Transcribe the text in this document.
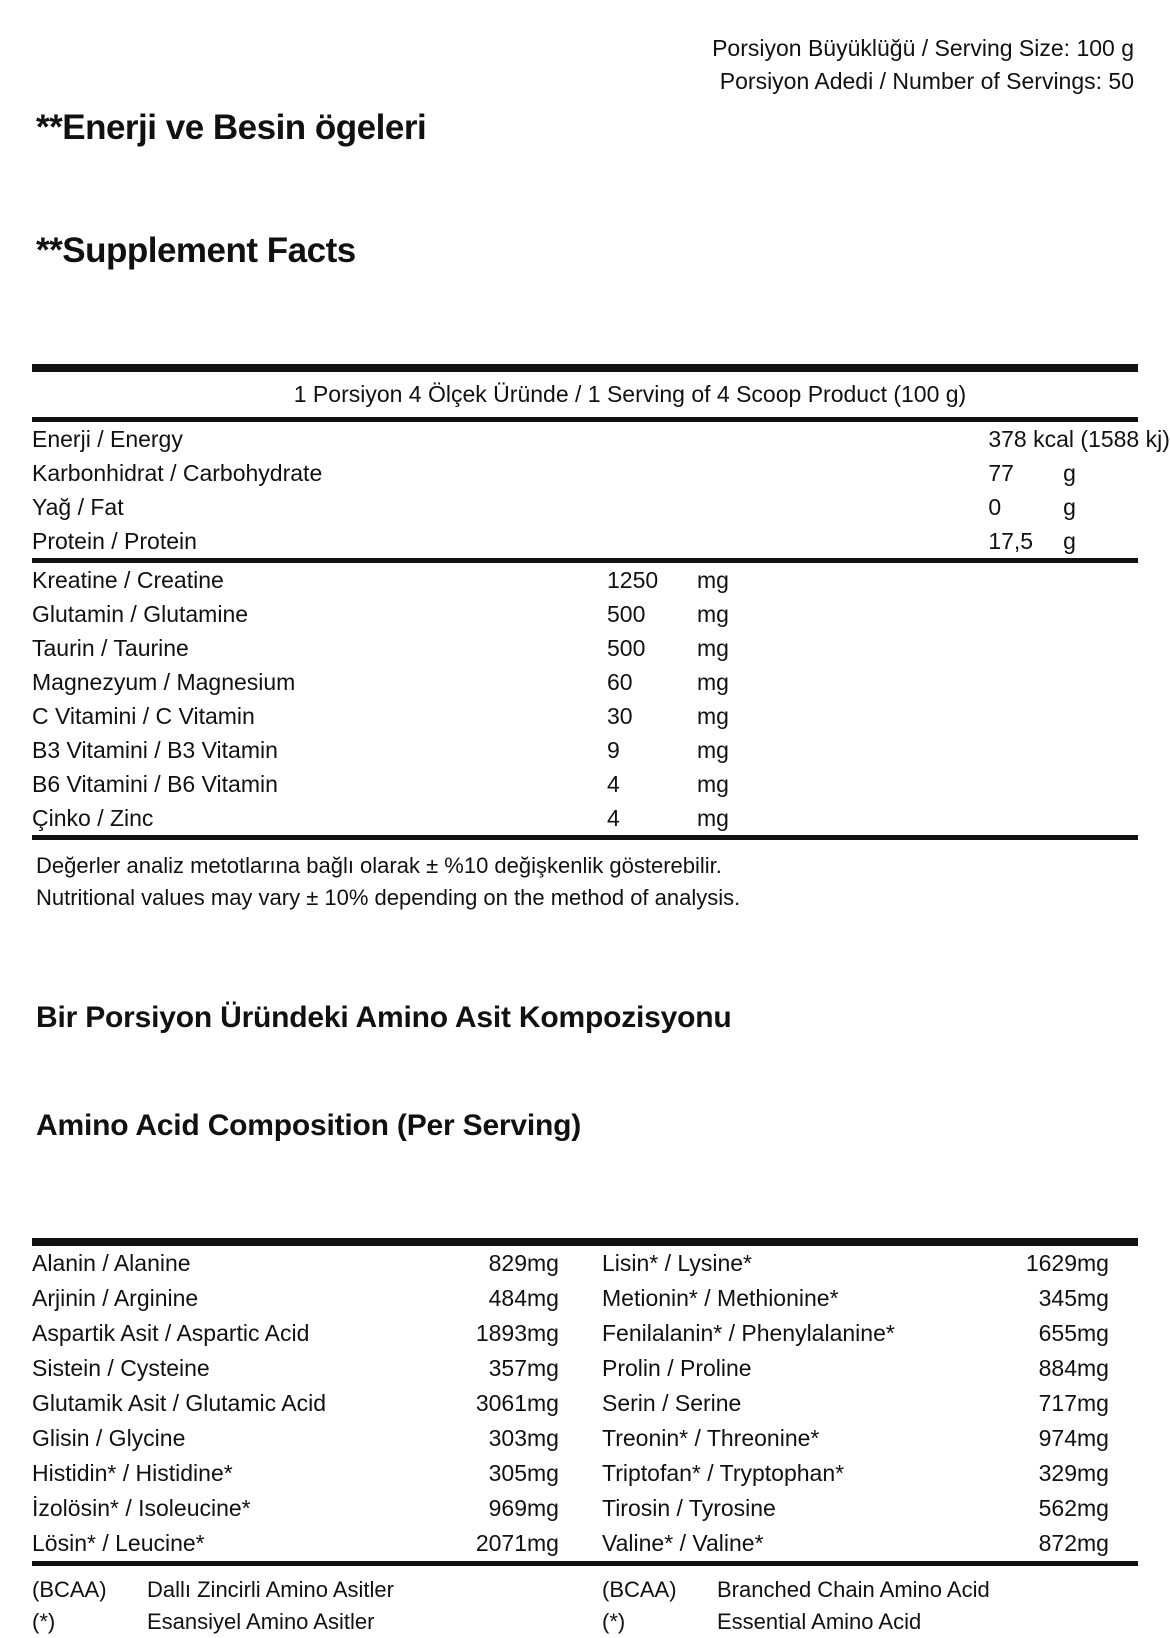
**Enerji ve Besin ögeleri

**Supplement Facts

Porsiyon Büyüklüğü / Serving Size: 100 g
Porsiyon Adedi / Number of Servings: 50
1 Porsiyon 4 Ölçek Üründe / 1 Serving of 4 Scoop Product (100 g)
Enerji / Energy	378 kcal (1588 kj)	
Karbonhidrat / Carbohydrate	77	g
Yağ / Fat	0	g
Protein / Protein	17,5	g
Kreatine / Creatine	1250	mg
Glutamin / Glutamine	500	mg
Taurin / Taurine	500	mg
Magnezyum / Magnesium	60	mg
C Vitamini / C Vitamin	30	mg
B3 Vitamini / B3 Vitamin	9	mg
B6 Vitamini / B6 Vitamin	4	mg
Çinko / Zinc	4	mg
Değerler analiz metotlarına bağlı olarak ± %10 değişkenlik gösterebilir.
Nutritional values may vary ± 10% depending on the method of analysis.

Bir Porsiyon Üründeki Amino Asit Kompozisyonu

Amino Acid Composition (Per Serving)

Alanin / Alanine	829	mg	Lisin* / Lysine*	1629	mg
Arjinin / Arginine	484	mg	Metionin* / Methionine*	345	mg
Aspartik Asit / Aspartic Acid	1893	mg	Fenilalanin* / Phenylalanine*	655	mg
Sistein / Cysteine	357	mg	Prolin / Proline	884	mg
Glutamik Asit / Glutamic Acid	3061	mg	Serin / Serine	717	mg
Glisin / Glycine	303	mg	Treonin* / Threonine*	974	mg
Histidin* / Histidine*	305	mg	Triptofan* / Tryptophan*	329	mg
İzolösin* / Isoleucine*	969	mg	Tirosin / Tyrosine	562	mg
Lösin* / Leucine*	2071	mg	Valine* / Valine*	872	mg
(BCAA)	Dallı Zincirli Amino Asitler	(BCAA)	Branched Chain Amino Acid
(*)	Esansiyel Amino Asitler	(*)	Essential Amino Acid
